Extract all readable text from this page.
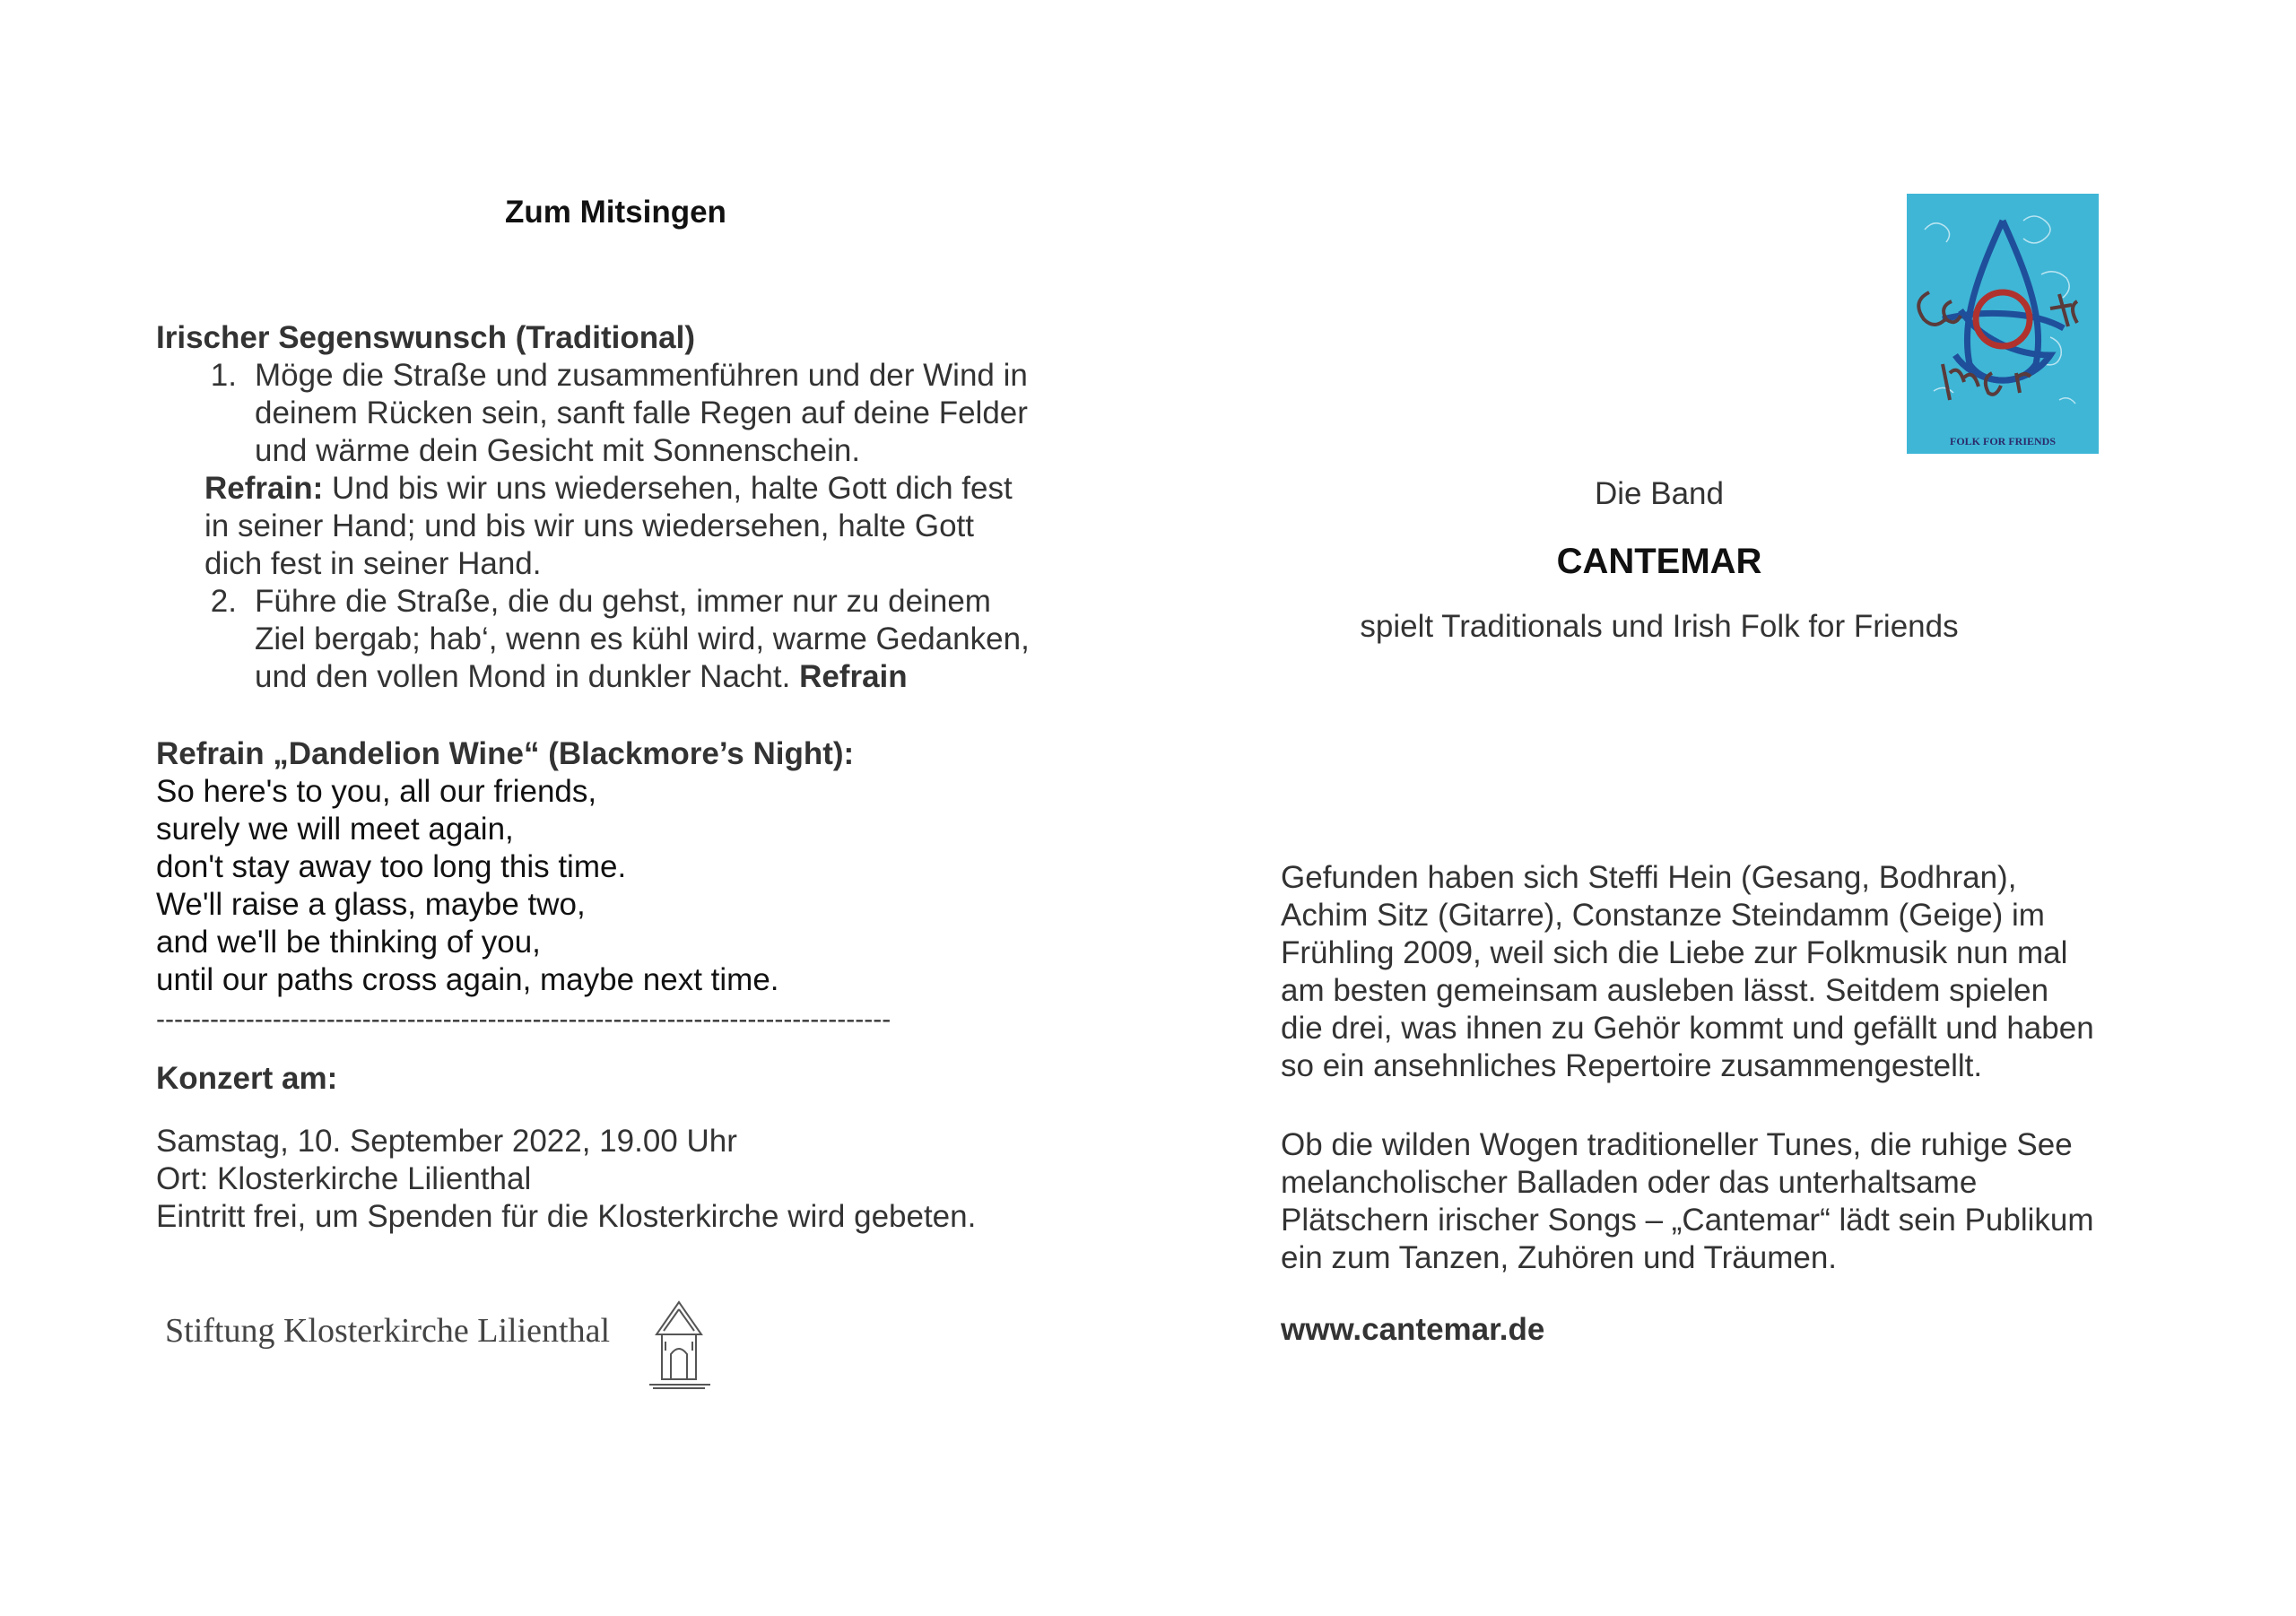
Zum Mitsingen
Irischer Segenswunsch (Traditional)
1. Möge die Straße und zusammenführen und der Wind in
deinem Rücken sein, sanft falle Regen auf deine Felder
und wärme dein Gesicht mit Sonnenschein.
Refrain: Und bis wir uns wiedersehen, halte Gott dich fest
in seiner Hand; und bis wir uns wiedersehen, halte Gott
dich fest in seiner Hand.
2. Führe die Straße, die du gehst, immer nur zu deinem
Ziel bergab; hab‘, wenn es kühl wird, warme Gedanken,
und den vollen Mond in dunkler Nacht. Refrain
Refrain „Dandelion Wine“ (Blackmore’s Night):
So here's to you, all our friends,
surely we will meet again,
don't stay away too long this time.
We'll raise a glass, maybe two,
and we'll be thinking of you,
until our paths cross again, maybe next time.
----------------------------------------------------------------------------------
Konzert am:
Samstag, 10. September 2022, 19.00 Uhr
Ort: Klosterkirche Lilienthal
Eintritt frei, um Spenden für die Klosterkirche wird gebeten.
Stiftung Klosterkirche Lilienthal
FOLK FOR FRIENDS
Die Band
CANTEMAR
spielt Traditionals und Irish Folk for Friends
Gefunden haben sich Steffi Hein (Gesang, Bodhran),
Achim Sitz (Gitarre), Constanze Steindamm (Geige) im
Frühling 2009, weil sich die Liebe zur Folkmusik nun mal
am besten gemeinsam ausleben lässt. Seitdem spielen
die drei, was ihnen zu Gehör kommt und gefällt und haben
so ein ansehnliches Repertoire zusammengestellt.
Ob die wilden Wogen traditioneller Tunes, die ruhige See
melancholischer Balladen oder das unterhaltsame
Plätschern irischer Songs – „Cantemar“ lädt sein Publikum
ein zum Tanzen, Zuhören und Träumen.
www.cantemar.de
